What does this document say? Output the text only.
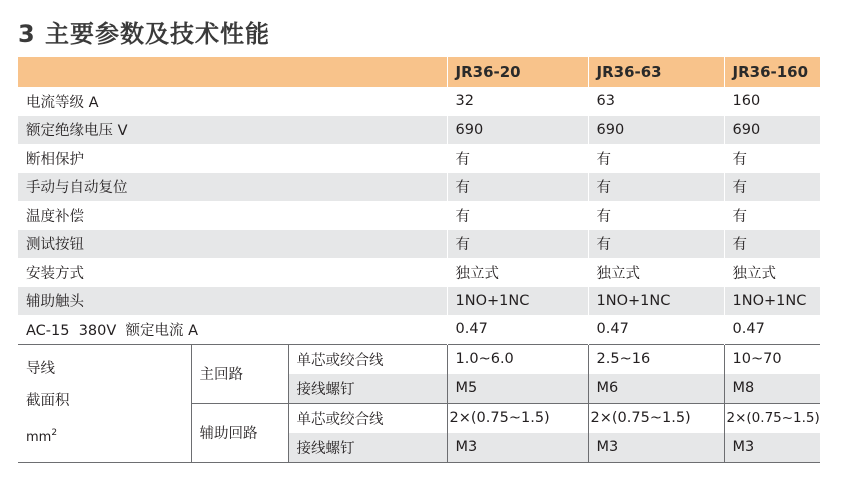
3 主要参数及技术性能
			JR36-20	JR36-63	JR36-160
电流等级 A			32	63	160
额定绝缘电压 V			690	690	690
断相保护			有	有	有
手动与自动复位			有	有	有
温度补偿			有	有	有
测试按钮			有	有	有
安装方式			独立式	独立式	独立式
辅助触头			1NO+1NC	1NO+1NC	1NO+1NC
AC-15  380V  额定电流 A			0.47	0.47	0.47

导线
截面积
$mm^2$	主回路	单芯或绞合线	1.0~6.0	2.5~16	10~70
		接线螺钉	M5	M6	M8
	辅助回路	单芯或绞合线	2×(0.75~1.5)	2×(0.75~1.5)	2×(0.75~1.5)
		接线螺钉	M3	M3	M3
